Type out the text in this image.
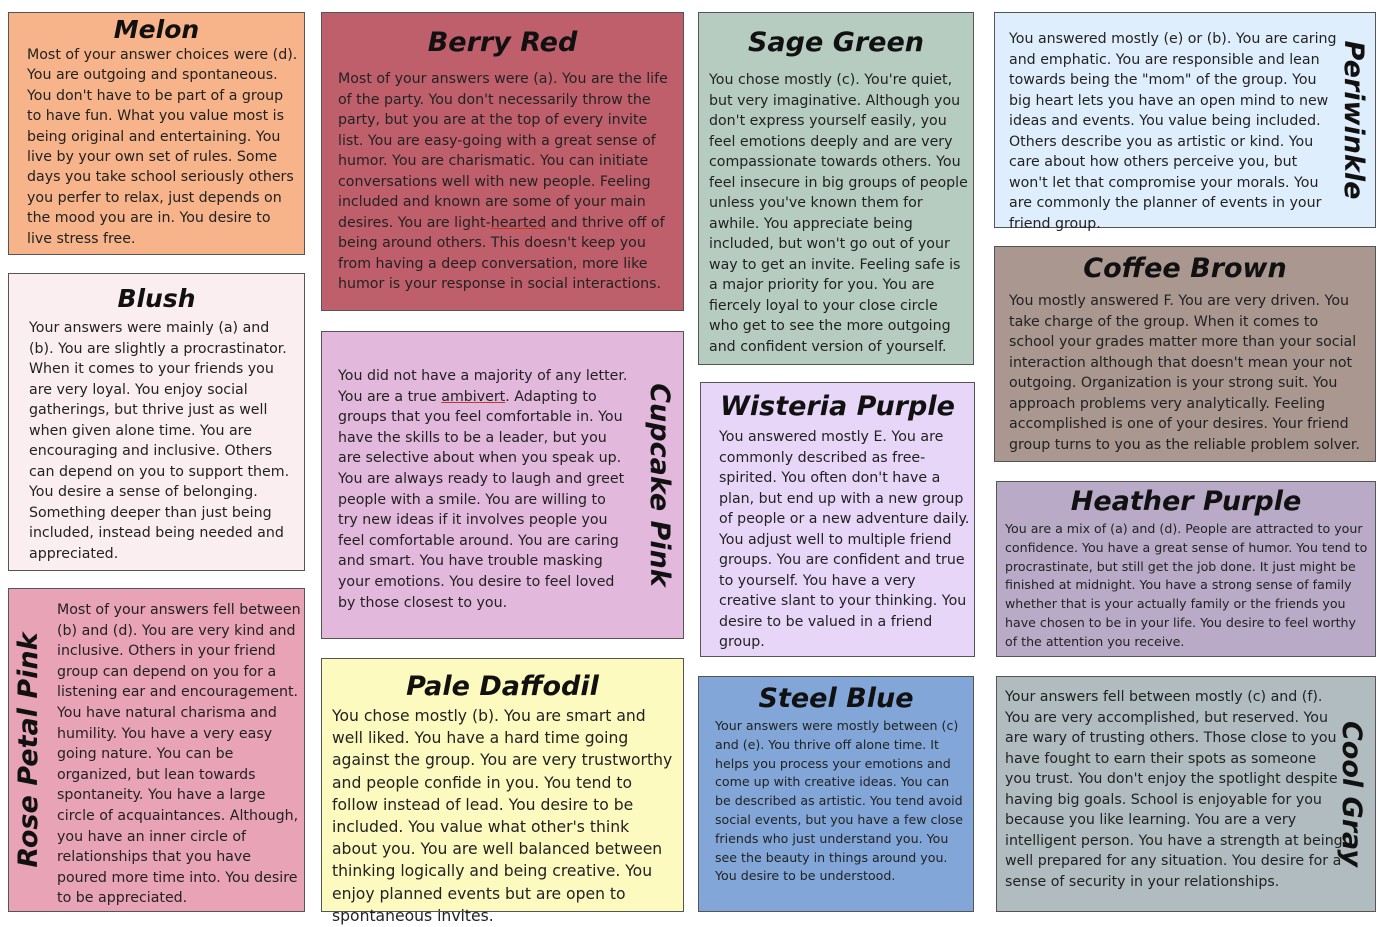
Melon

Most of your answer choices were (d). You are outgoing and spontaneous. You don't have to be part of a group to have fun. What you value most is being original and entertaining. You live by your own set of rules. Some days you take school seriously others you perfer to relax, just depends on the mood you are in. You desire to live stress free.

Blush

Your answers were mainly (a) and (b). You are slightly a procrastinator. When it comes to your friends you are very loyal. You enjoy social gatherings, but thrive just as well when given alone time. You are encouraging and inclusive. Others can depend on you to support them. You desire a sense of belonging. Something deeper than just being included, instead being needed and appreciated.

Rose Petal Pink

Most of your answers fell between (b) and (d). You are very kind and inclusive. Others in your friend group can depend on you for a listening ear and encouragement. You have natural charisma and humility. You have a very easy going nature. You can be organized, but lean towards spontaneity. You have a large circle of acquaintances. Although, you have an inner circle of relationships that you have poured more time into. You desire to be appreciated.

Berry Red

Most of your answers were (a). You are the life of the party. You don't necessarily throw the party, but you are at the top of every invite list. You are easy-going with a great sense of humor. You are charismatic. You can initiate conversations well with new people. Feeling included and known are some of your main desires. You are light-hearted and thrive off of being around others. This doesn't keep you from having a deep conversation, more like humor is your response in social interactions.

Cupcake Pink

You did not have a majority of any letter. You are a true ambivert. Adapting to groups that you feel comfortable in. You have the skills to be a leader, but you are selective about when you speak up. You are always ready to laugh and greet people with a smile. You are willing to try new ideas if it involves people you feel comfortable around. You are caring and smart. You have trouble masking your emotions. You desire to feel loved by those closest to you.

Pale Daffodil

You chose mostly (b). You are smart and well liked. You have a hard time going against the group. You are very trustworthy and people confide in you. You tend to follow instead of lead. You desire to be included. You value what other's think about you. You are well balanced between thinking logically and being creative. You enjoy planned events but are open to spontaneous invites.

Sage Green

You chose mostly (c). You're quiet, but very imaginative. Although you don't express yourself easily, you feel emotions deeply and are very compassionate towards others. You feel insecure in big groups of people unless you've known them for awhile. You appreciate being included, but won't go out of your way to get an invite. Feeling safe is a major priority for you. You are fiercely loyal to your close circle who get to see the more outgoing and confident version of yourself.

Wisteria Purple

You answered mostly E. You are commonly described as free-spirited. You often don't have a plan, but end up with a new group of people or a new adventure daily. You adjust well to multiple friend groups. You are confident and true to yourself. You have a very creative slant to your thinking. You desire to be valued in a friend group.

Steel Blue

Your answers were mostly between (c) and (e). You thrive off alone time. It helps you process your emotions and come up with creative ideas. You can be described as artistic. You tend avoid social events, but you have a few close friends who just understand you. You see the beauty in things around you. You desire to be understood.

Periwinkle

You answered mostly (e) or (b). You are caring and emphatic. You are responsible and lean towards being the "mom" of the group. You big heart lets you have an open mind to new ideas and events. You value being included. Others describe you as artistic or kind. You care about how others perceive you, but won't let that compromise your morals. You are commonly the planner of events in your friend group.

Coffee Brown

You mostly answered F. You are very driven. You take charge of the group. When it comes to school your grades matter more than your social interaction although that doesn't mean your not outgoing. Organization is your strong suit. You approach problems very analytically. Feeling accomplished is one of your desires. Your friend group turns to you as the reliable problem solver.

Heather Purple

You are a mix of (a) and (d). People are attracted to your confidence. You have a great sense of humor. You tend to procrastinate, but still get the job done. It just might be finished at midnight. You have a strong sense of family whether that is your actually family or the friends you have chosen to be in your life. You desire to feel worthy of the attention you receive.

Cool Gray

Your answers fell between mostly (c) and (f). You are very accomplished, but reserved. You are wary of trusting others. Those close to you have fought to earn their spots as someone you trust. You don't enjoy the spotlight despite having big goals. School is enjoyable for you because you like learning. You are a very intelligent person. You have a strength at being well prepared for any situation. You desire for a sense of security in your relationships.
